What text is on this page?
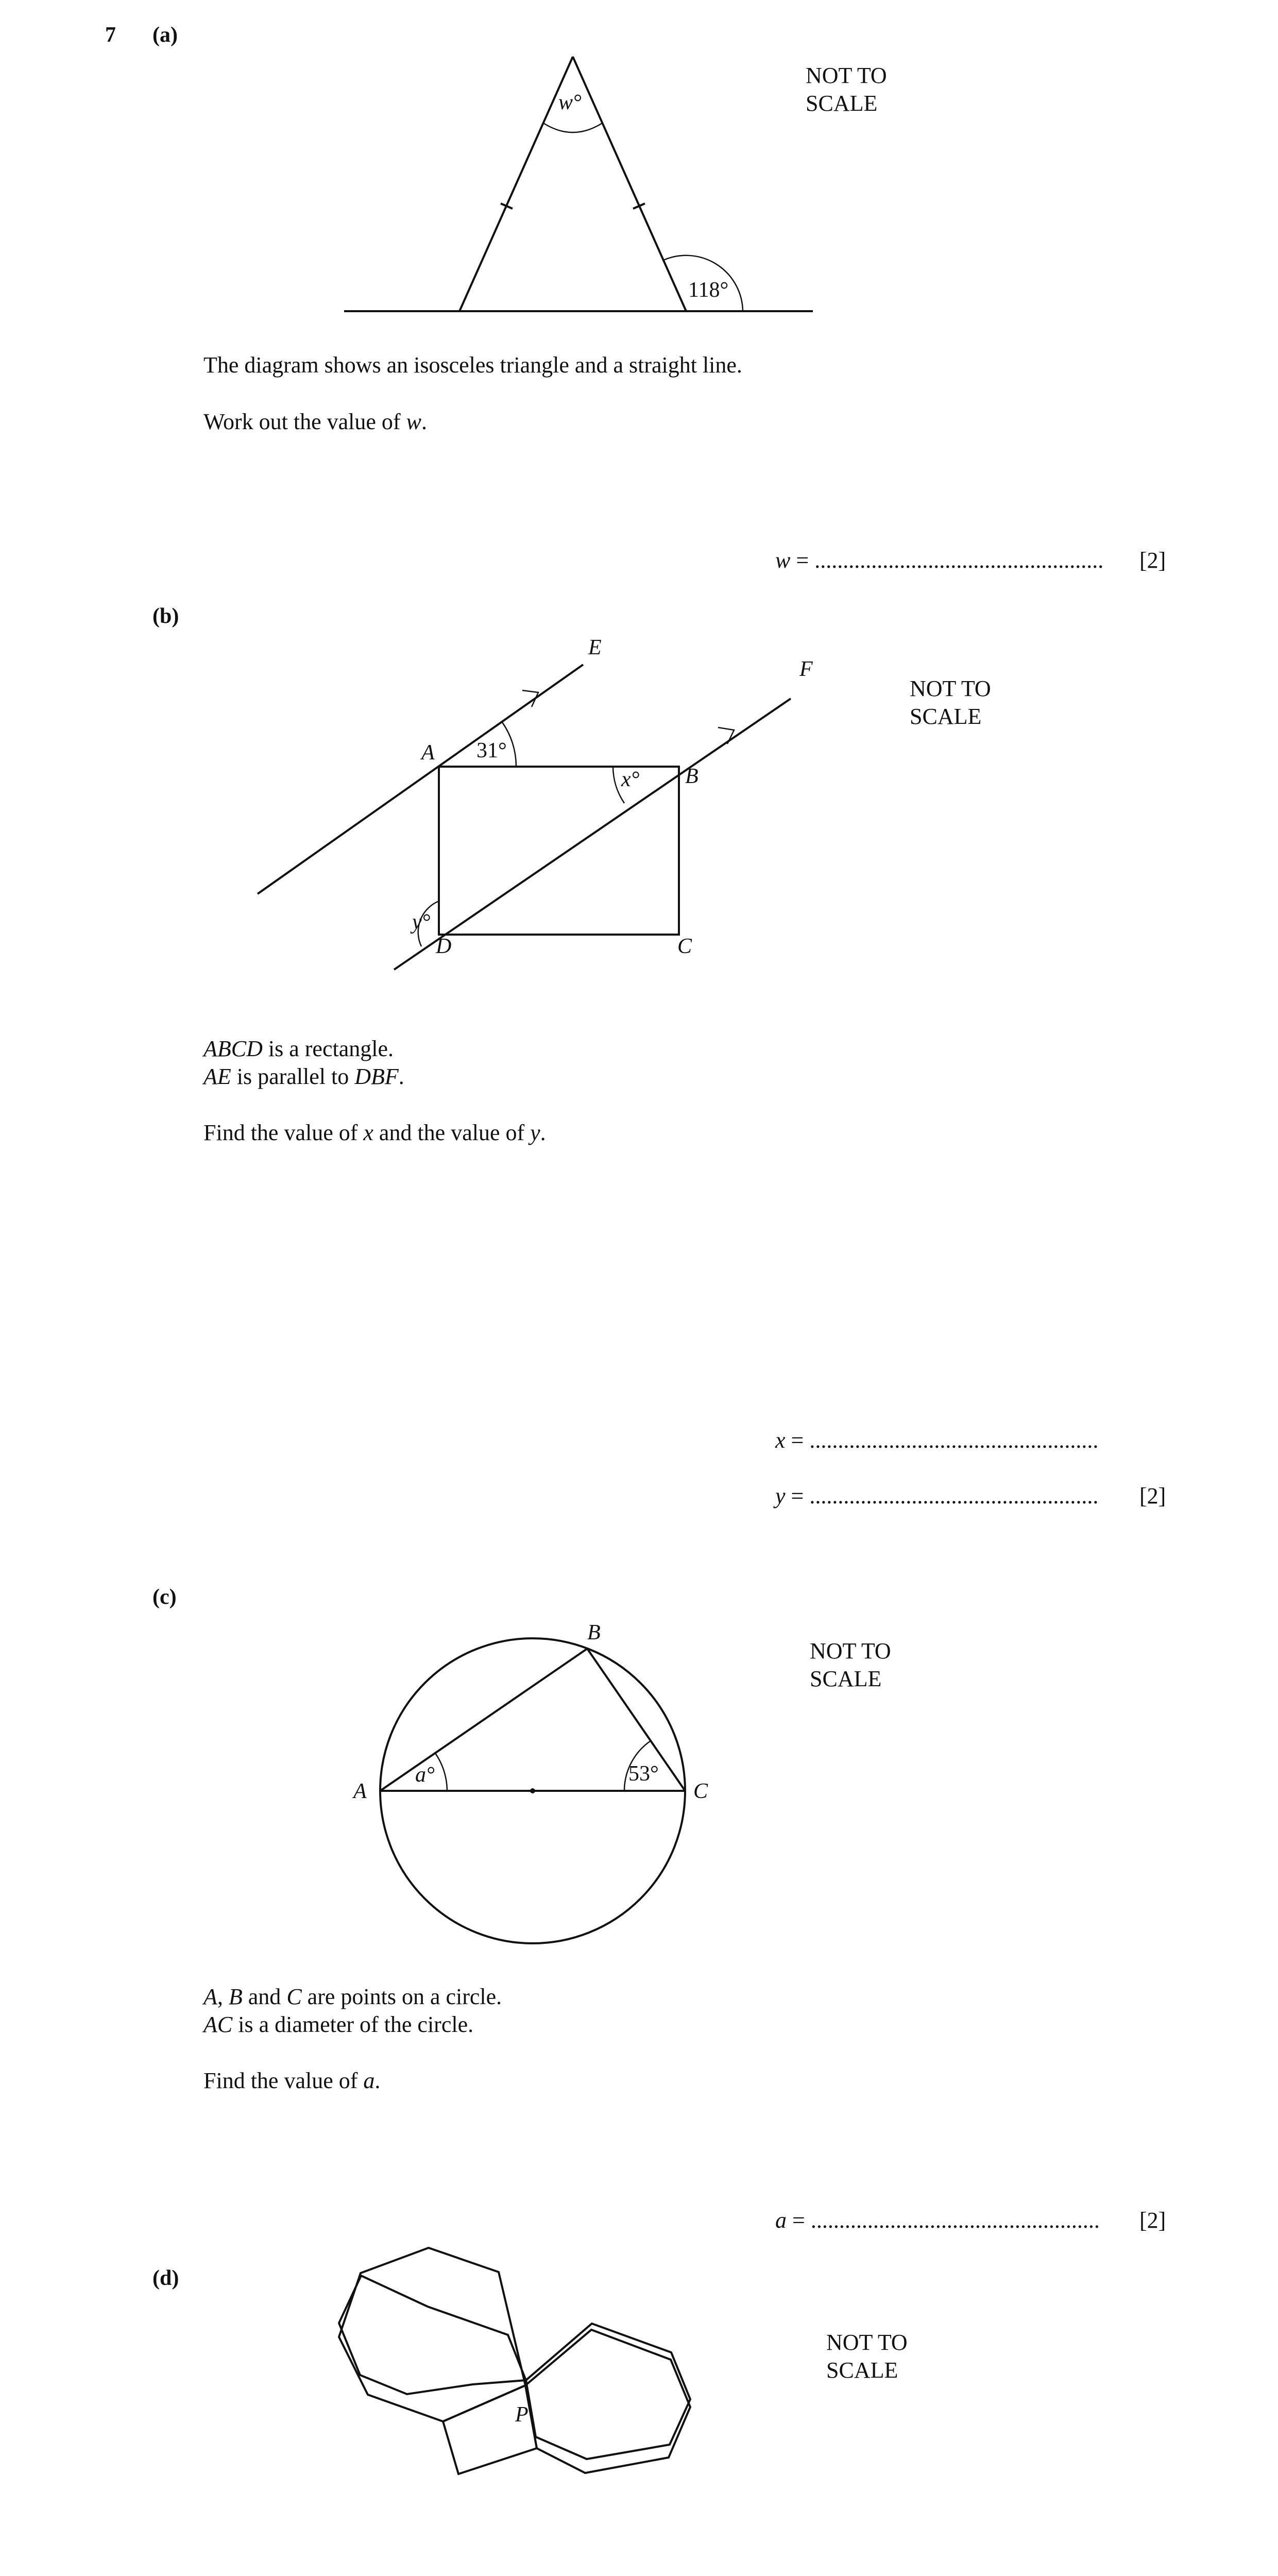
7 (a)
w°
118°
NOT TO
SCALE
The diagram shows an isosceles triangle and a straight line.
Work out the value of w.
w = ................................................... [2]
(b)
A
B
C
D
E
F
31°
x°
y°
NOT TO
SCALE
ABCD is a rectangle.
AE is parallel to DBF.
Find the value of x and the value of y.
x = ...................................................
y = ................................................... [2]
(c)
A
B
C
a°	53°
NOT TO
SCALE
A, B and C are points on a circle.
AC is a diameter of the circle.
Find the value of a.
a = ................................................... [2]
(d)
P
NOT TO
SCALE
